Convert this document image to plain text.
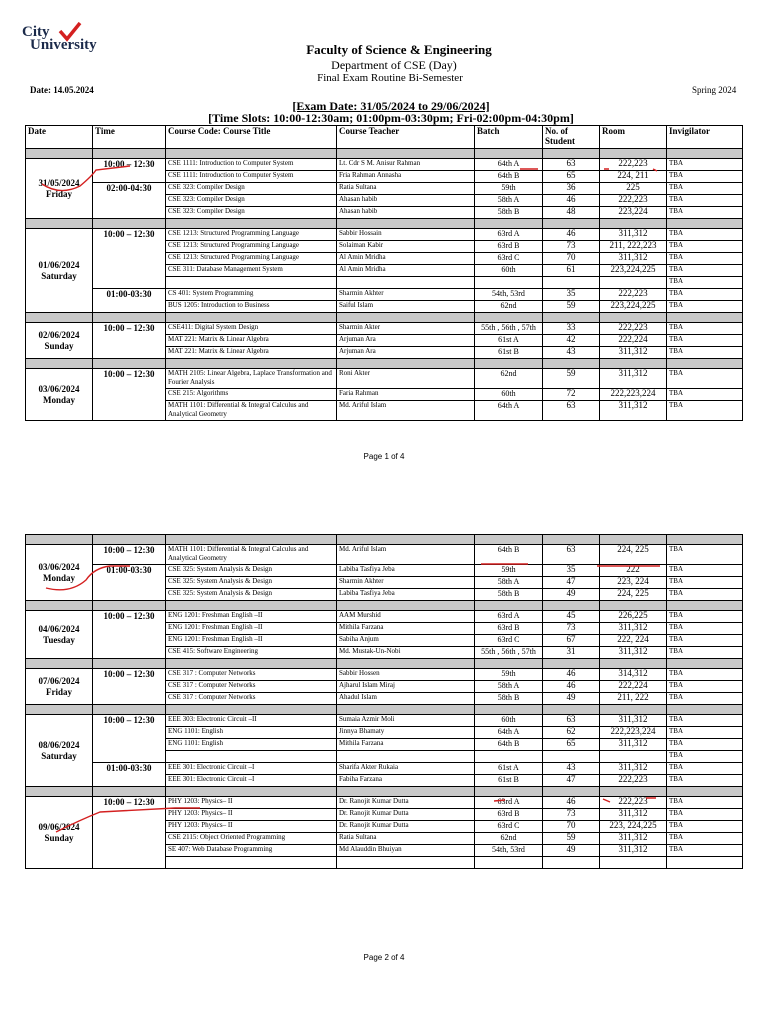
City
University	Faculty of Science & Engineering
Department of CSE (Day)
Final Exam Routine Bi-Semester
Date: 14.05.2024	Spring 2024
[Exam Date: 31/05/2024 to 29/06/2024]
[Time Slots: 10:00-12:30am; 01:00pm-03:30pm; Fri-02:00pm-04:30pm]
Date	Time	Course Code: Course Title	Course Teacher	Batch	No. of Student	Room	Invigilator

31/05/2024
Friday	10:00 – 12:30	CSE 1111: Introduction to Computer System	Lt. Cdr S M. Anisur Rahman	64th A	63	222,223	TBA
		CSE 1111: Introduction to Computer System	Fria Rahman Annasha	64th B	65	224, 211	TBA
	02:00-04:30	CSE 323: Compiler Design	Ratia Sultana	59th	36	225	TBA
		CSE 323: Compiler Design	Ahasan habib	58th A	46	222,223	TBA
		CSE 323: Compiler Design	Ahasan habib	58th B	48	223,224	TBA

01/06/2024
Saturday	10:00 – 12:30	CSE 1213: Structured Programming Language	Sabbir Hossain	63rd A	46	311,312	TBA
		CSE 1213: Structured Programming Language	Solaiman Kabir	63rd B	73	211, 222,223	TBA
		CSE 1213: Structured Programming Language	Al Amin Mridha	63rd C	70	311,312	TBA
		CSE 311: Database Management System	Al Amin Mridha	60th	61	223,224,225	TBA
							TBA
	01:00-03:30	CS 401: System Programming	Sharmin Akhter	54th, 53rd	35	222,223	TBA
		BUS 1205: Introduction to Business	Saiful Islam	62nd	59	223,224,225	TBA

02/06/2024
Sunday	10:00 – 12:30	CSE411: Digital System Design	Sharmin Akter	55th , 56th , 57th	33	222,223	TBA
		MAT 221: Matrix & Linear Algebra	Arjuman Ara	61st A	42	222,224	TBA
		MAT 221: Matrix & Linear Algebra	Arjuman Ara	61st B	43	311,312	TBA

03/06/2024
Monday	10:00 – 12:30	MATH 2105: Linear Algebra, Laplace Transformation and Fourier Analysis	Roni Akter	62nd	59	311,312	TBA
		CSE 215: Algorithms	Faria Rahman	60th	72	222,223,224	TBA
		MATH 1101: Differential & Integral Calculus and Analytical Geometry	Md. Ariful Islam	64th A	63	311,312	TBA
Page 1 of 4

03/06/2024
Monday	10:00 – 12:30	MATH 1101: Differential & Integral Calculus and Analytical Geometry	Md. Ariful Islam	64th B	63	224, 225	TBA
	01:00-03:30	CSE 325: System Analysis & Design	Labiba Tasfiya Jeba	59th	35	222	TBA
		CSE 325: System Analysis & Design	Sharmin Akhter	58th A	47	223, 224	TBA
		CSE 325: System Analysis & Design	Labiba Tasfiya Jeba	58th B	49	224, 225	TBA

04/06/2024
Tuesday	10:00 – 12:30	ENG 1201: Freshman English –II	AAM Murshid	63rd A	45	226,225	TBA
		ENG 1201: Freshman English –II	Mithila Farzana	63rd B	73	311,312	TBA
		ENG 1201: Freshman English –II	Sabiha Anjum	63rd C	67	222, 224	TBA
		CSE 415: Software Engineering	Md. Mustak-Un-Nobi	55th , 56th , 57th	31	311,312	TBA

07/06/2024
Friday	10:00 – 12:30	CSE 317 : Computer Networks	Sabbir Hossen	59th	46	314,312	TBA
		CSE 317 : Computer Networks	Ajharul Islam Miraj	58th A	46	222,224	TBA
		CSE 317 : Computer Networks	Ahadul Islam	58th B	49	211, 222	TBA

08/06/2024
Saturday	10:00 – 12:30	EEE 303: Electronic Circuit –II	Sumaia Azmir Moli	60th	63	311,312	TBA
		ENG 1101: English	Jinnya Bhamaty	64th A	62	222,223,224	TBA
		ENG 1101: English	Mithila Farzana	64th B	65	311,312	TBA
							TBA
	01:00-03:30	EEE 301: Electronic Circuit –I	Sharifa Akter Rukaia	61st A	43	311,312	TBA
		EEE 301: Electronic Circuit –I	Fabiha Farzana	61st B	47	222,223	TBA

09/06/2024
Sunday	10:00 – 12:30	PHY 1203: Physics– II	Dr. Ranojit Kumar Dutta	63rd A	46	222,223	TBA
		PHY 1203: Physics– II	Dr. Ranojit Kumar Dutta	63rd B	73	311,312	TBA
		PHY 1203: Physics– II	Dr. Ranojit Kumar Dutta	63rd C	70	223, 224,225	TBA
		CSE 2115: Object Oriented Programming	Ratia Sultana	62nd	59	311,312	TBA
		SE 407: Web Database Programming	Md Alauddin Bhuiyan	54th, 53rd	49	311,312	TBA

Page 2 of 4
